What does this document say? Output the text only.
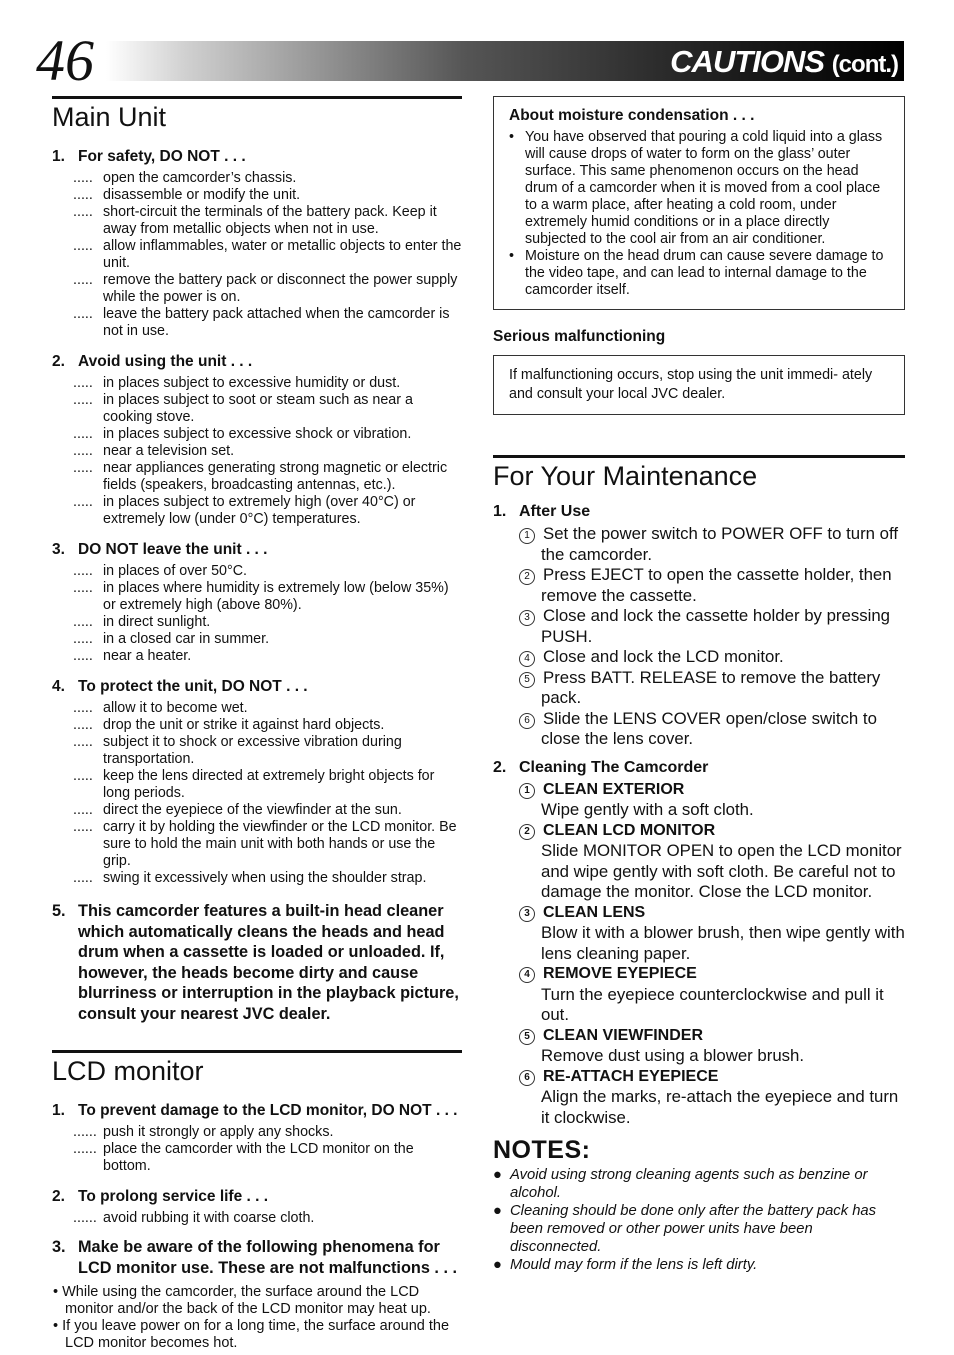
46	CAUTIONS (cont.)
Main Unit

1. For safety, DO NOT . . .

..... open the camcorder’s chassis.

..... disassemble or modify the unit.

..... short-circuit the terminals of the battery pack. Keep it away from metallic objects when not in use.

..... allow inflammables, water or metallic objects to enter the unit.

..... remove the battery pack or disconnect the power supply while the power is on.

..... leave the battery pack attached when the camcorder is not in use.

2. Avoid using the unit . . .

..... in places subject to excessive humidity or dust.

..... in places subject to soot or steam such as near a cooking stove.

..... in places subject to excessive shock or vibration.

..... near a television set.

..... near appliances generating strong magnetic or electric fields (speakers, broadcasting antennas, etc.).

..... in places subject to extremely high (over 40°C) or extremely low (under 0°C) temperatures.

3. DO NOT leave the unit . . .

..... in places of over 50°C.

..... in places where humidity is extremely low (below 35%) or extremely high (above 80%).

..... in direct sunlight.

..... in a closed car in summer.

..... near a heater.

4. To protect the unit, DO NOT . . .

..... allow it to become wet.

..... drop the unit or strike it against hard objects.

..... subject it to shock or excessive vibration during transportation.

..... keep the lens directed at extremely bright objects for long periods.

..... direct the eyepiece of the viewfinder at the sun.

..... carry it by holding the viewfinder or the LCD monitor. Be sure to hold the main unit with both hands or use the grip.

..... swing it excessively when using the shoulder strap.

5. This camcorder features a built-in head cleaner which automatically cleans the heads and head drum when a cassette is loaded or unloaded. If, however, the heads become dirty and cause blurriness or interruption in the playback picture, consult your nearest JVC dealer.

LCD monitor

1. To prevent damage to the LCD monitor, DO NOT . . .

...... push it strongly or apply any shocks.

...... place the camcorder with the LCD monitor on the bottom.

2. To prolong service life . . .

...... avoid rubbing it with coarse cloth.

3. Make be aware of the following phenomena for LCD monitor use. These are not malfunctions . . .

• While using the camcorder, the surface around the LCD monitor and/or the back of the LCD monitor may heat up.

• If you leave power on for a long time, the surface around the LCD monitor becomes hot.

About moisture condensation . . .

• You have observed that pouring a cold liquid into a glass will cause drops of water to form on the glass’ outer surface. This same phenomenon occurs on the head drum of a camcorder when it is moved from a cool place to a warm place, after heating a cold room, under extremely humid conditions or in a place directly subjected to the cool air from an air conditioner.

• Moisture on the head drum can cause severe damage to the video tape, and can lead to internal damage to the camcorder itself.

Serious malfunctioning

If malfunctioning occurs, stop using the unit immedi- ately and consult your local JVC dealer.
For Your Maintenance

1. After Use

1 Set the power switch to POWER OFF to turn off the camcorder.

2 Press EJECT to open the cassette holder, then remove the cassette.

3 Close and lock the cassette holder by pressing PUSH.

4 Close and lock the LCD monitor.

5 Press BATT. RELEASE to remove the battery pack.

6 Slide the LENS COVER open/close switch to close the lens cover.

2. Cleaning The Camcorder

1 CLEAN EXTERIOR

Wipe gently with a soft cloth.

2 CLEAN LCD MONITOR

Slide MONITOR OPEN to open the LCD monitor and wipe gently with soft cloth. Be careful not to damage the monitor. Close the LCD monitor.

3 CLEAN LENS

Blow it with a blower brush, then wipe gently with lens cleaning paper.

4 REMOVE EYEPIECE

Turn the eyepiece counterclockwise and pull it out.

5 CLEAN VIEWFINDER

Remove dust using a blower brush.

6 RE-ATTACH EYEPIECE

Align the marks, re-attach the eyepiece and turn it clockwise.

NOTES:

● Avoid using strong cleaning agents such as benzine or alcohol.

● Cleaning should be done only after the battery pack has been removed or other power units have been disconnected.

● Mould may form if the lens is left dirty.
